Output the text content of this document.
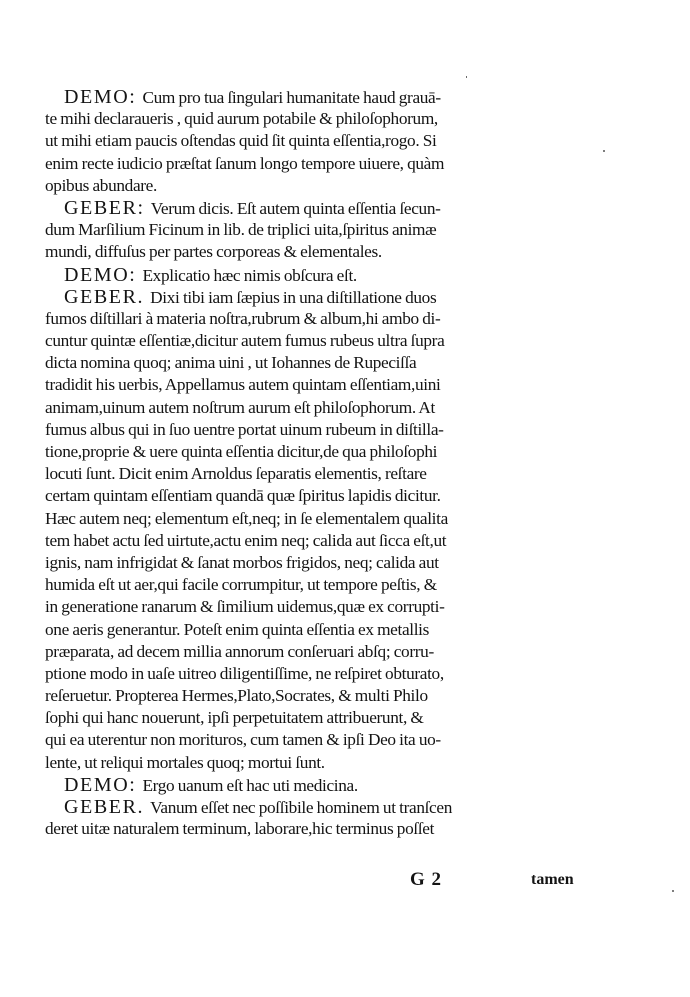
DEMO: Cum pro tua ſingulari humanitate haud grauā-
te mihi declaraueris , quid aurum potabile & philoſophorum,
ut mihi etiam paucis oſtendas quid ſit quinta eſſentia,rogo. Si
enim recte iudicio præſtat ſanum longo tempore uiuere, quàm
opibus abundare.
GEBER: Verum dicis. Eſt autem quinta eſſentia ſecun-
dum Marſilium Ficinum in lib. de triplici uita,ſpiritus animæ
mundi, diffuſus per partes corporeas & elementales.
DEMO: Explicatio hæc nimis obſcura eſt.
GEBER. Dixi tibi iam ſæpius in una diſtillatione duos
fumos diſtillari à materia noſtra,rubrum & album,hi ambo di-
cuntur quintæ eſſentiæ,dicitur autem fumus rubeus ultra ſupra
dicta nomina quoq; anima uini , ut Iohannes de Rupeciſſa
tradidit his uerbis, Appellamus autem quintam eſſentiam,uini
animam,uinum autem noſtrum aurum eſt philoſophorum. At
fumus albus qui in ſuo uentre portat uinum rubeum in diſtilla-
tione,proprie & uere quinta eſſentia dicitur,de qua philoſophi
locuti ſunt. Dicit enim Arnoldus ſeparatis elementis, reſtare
certam quintam eſſentiam quandā quæ ſpiritus lapidis dicitur.
Hæc autem neq; elementum eſt,neq; in ſe elementalem qualita
tem habet actu ſed uirtute,actu enim neq; calida aut ſicca eſt,ut
ignis, nam infrigidat & ſanat morbos frigidos, neq; calida aut
humida eſt ut aer,qui facile corrumpitur, ut tempore peſtis, &
in generatione ranarum & ſimilium uidemus,quæ ex corrupti-
one aeris generantur. Poteſt enim quinta eſſentia ex metallis
præparata, ad decem millia annorum conſeruari abſq; corru-
ptione modo in uaſe uitreo diligentiſſime, ne reſpiret obturato,
reſeruetur. Propterea Hermes,Plato,Socrates, & multi Philo
ſophi qui hanc nouerunt, ipſi perpetuitatem attribuerunt, &
qui ea uterentur non morituros, cum tamen & ipſi Deo ita uo-
lente, ut reliqui mortales quoq; mortui ſunt.
DEMO: Ergo uanum eſt hac uti medicina.
GEBER. Vanum eſſet nec poſſibile hominem ut tranſcen
deret uitæ naturalem terminum, laborare,hic terminus poſſet
G 2	tamen
